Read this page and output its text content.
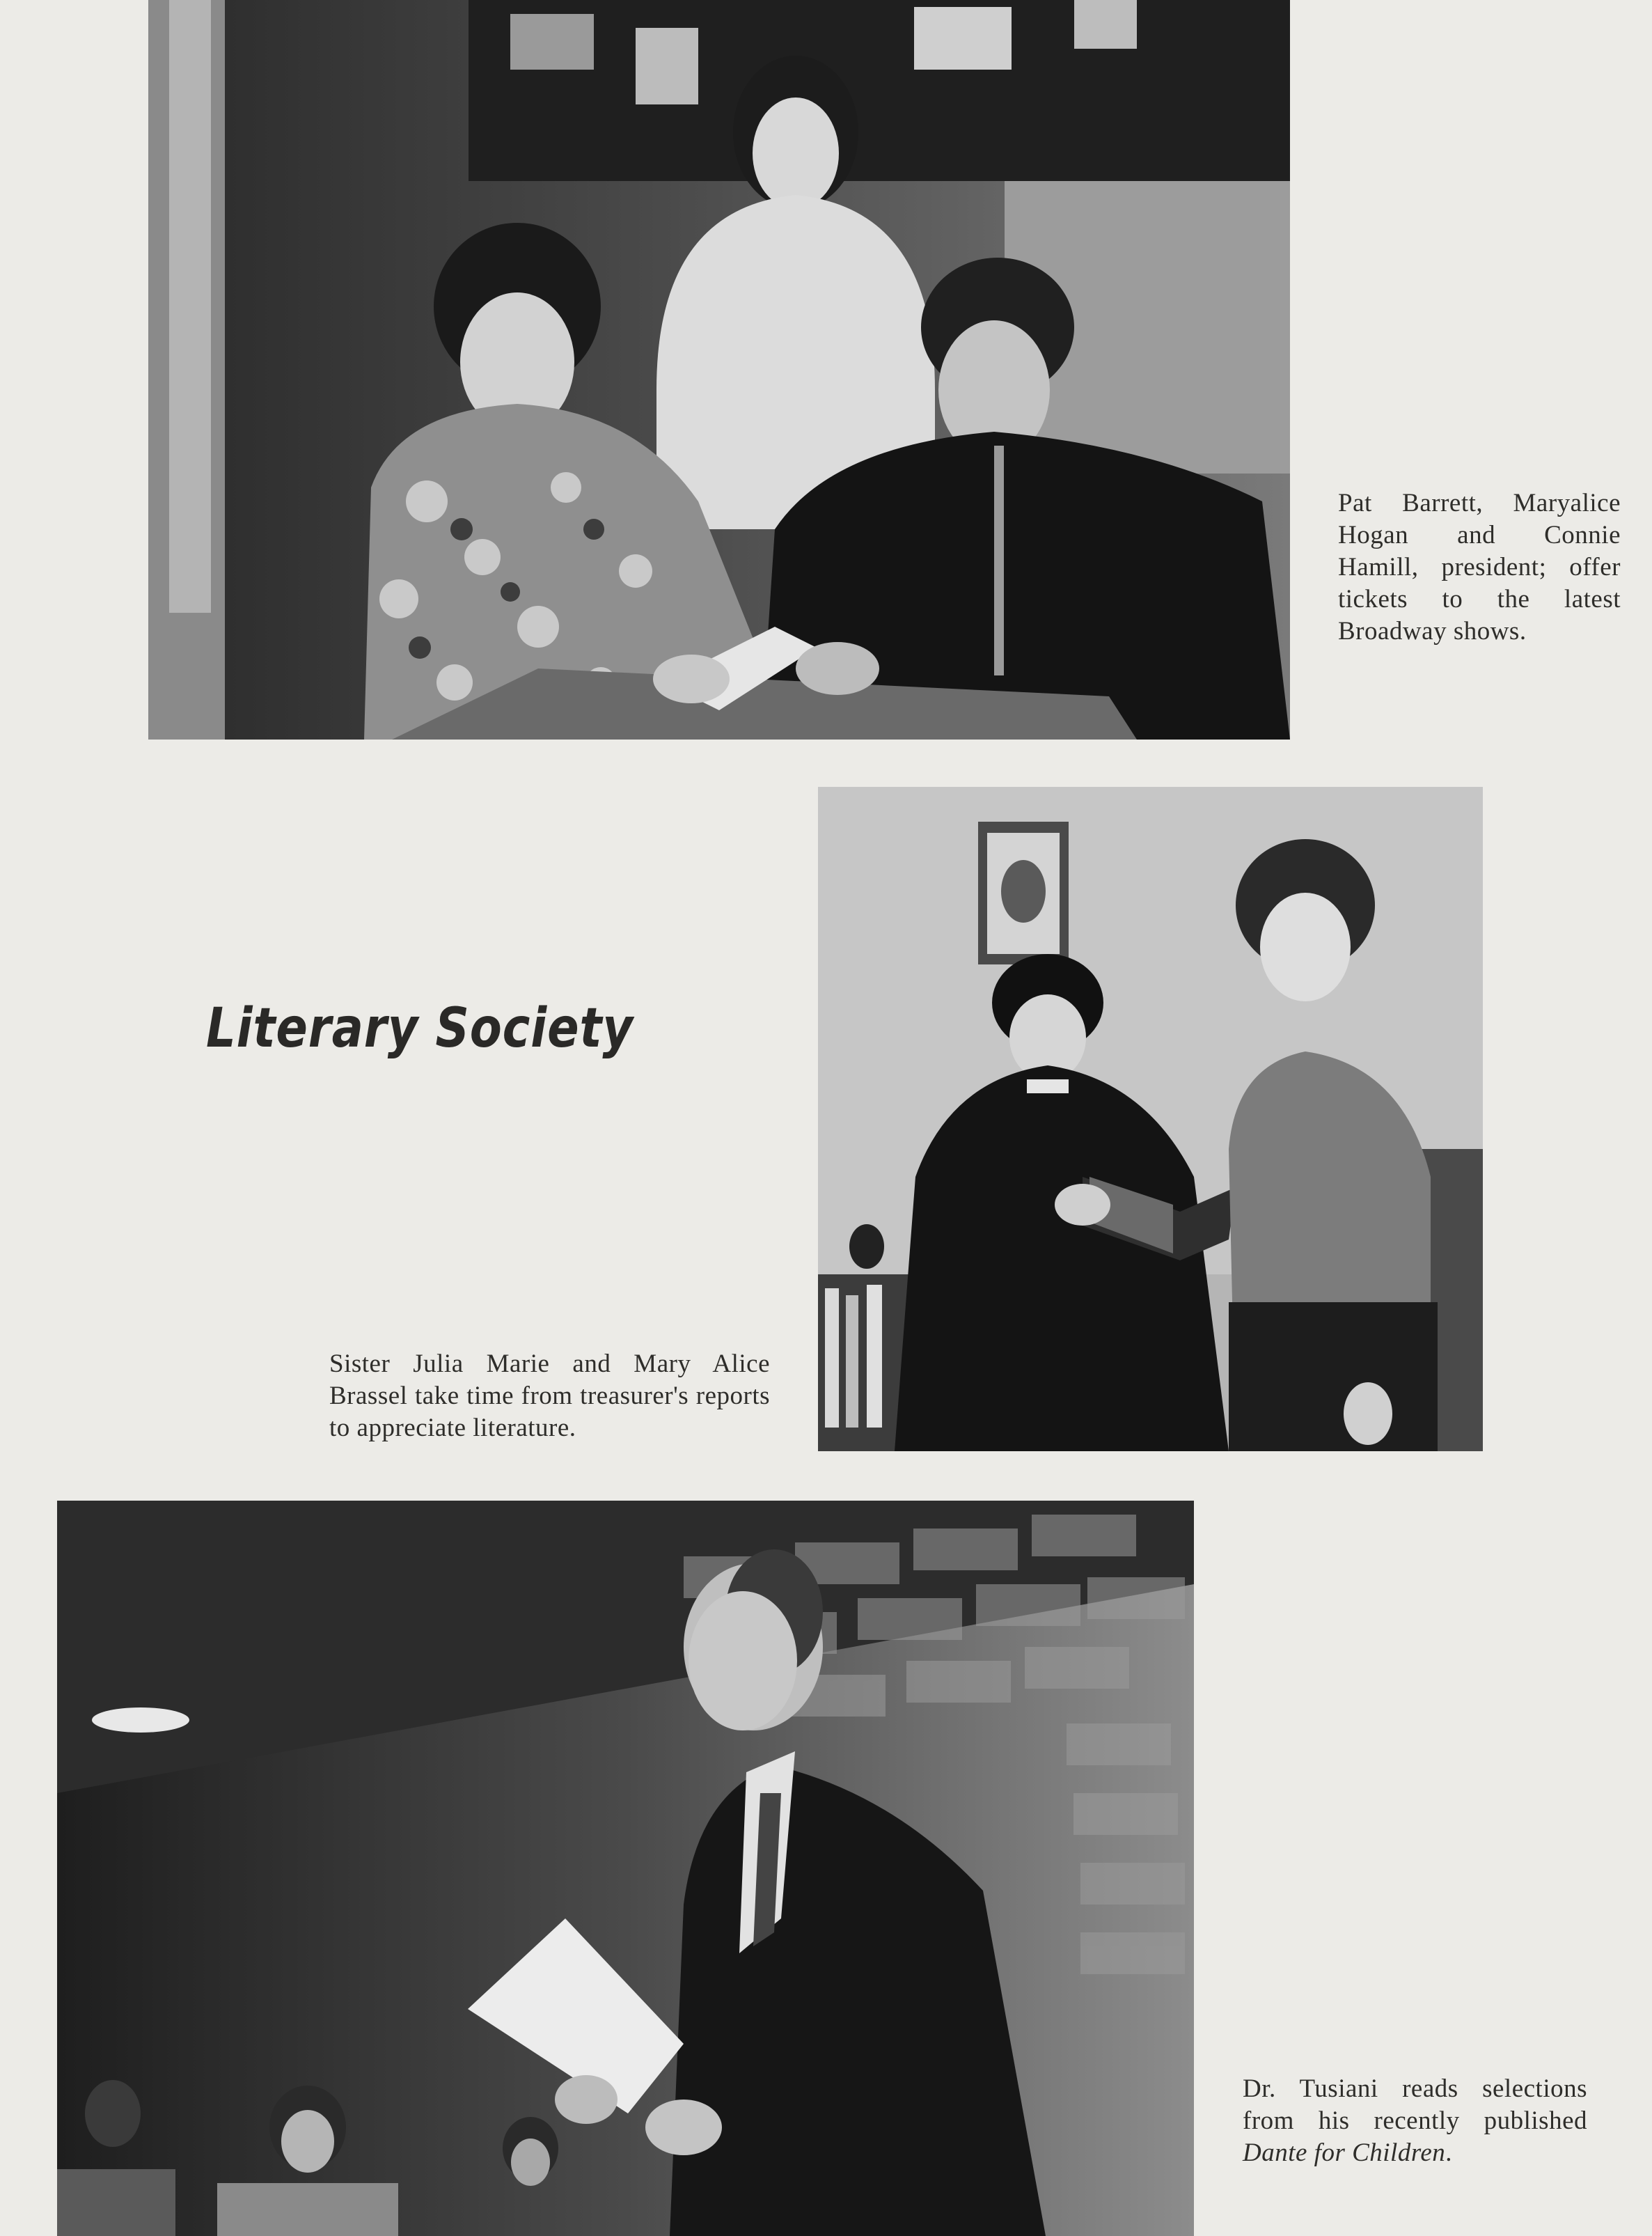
Pat Barrett, Maryalice Hogan and Connie Hamill, president; offer tickets to the latest Broadway shows.
Literary Society
Sister Julia Marie and Mary Alice Brassel take time from treasurer's reports to appreciate literature.
Dr. Tusiani reads selections from his recently published Dante for Children.
